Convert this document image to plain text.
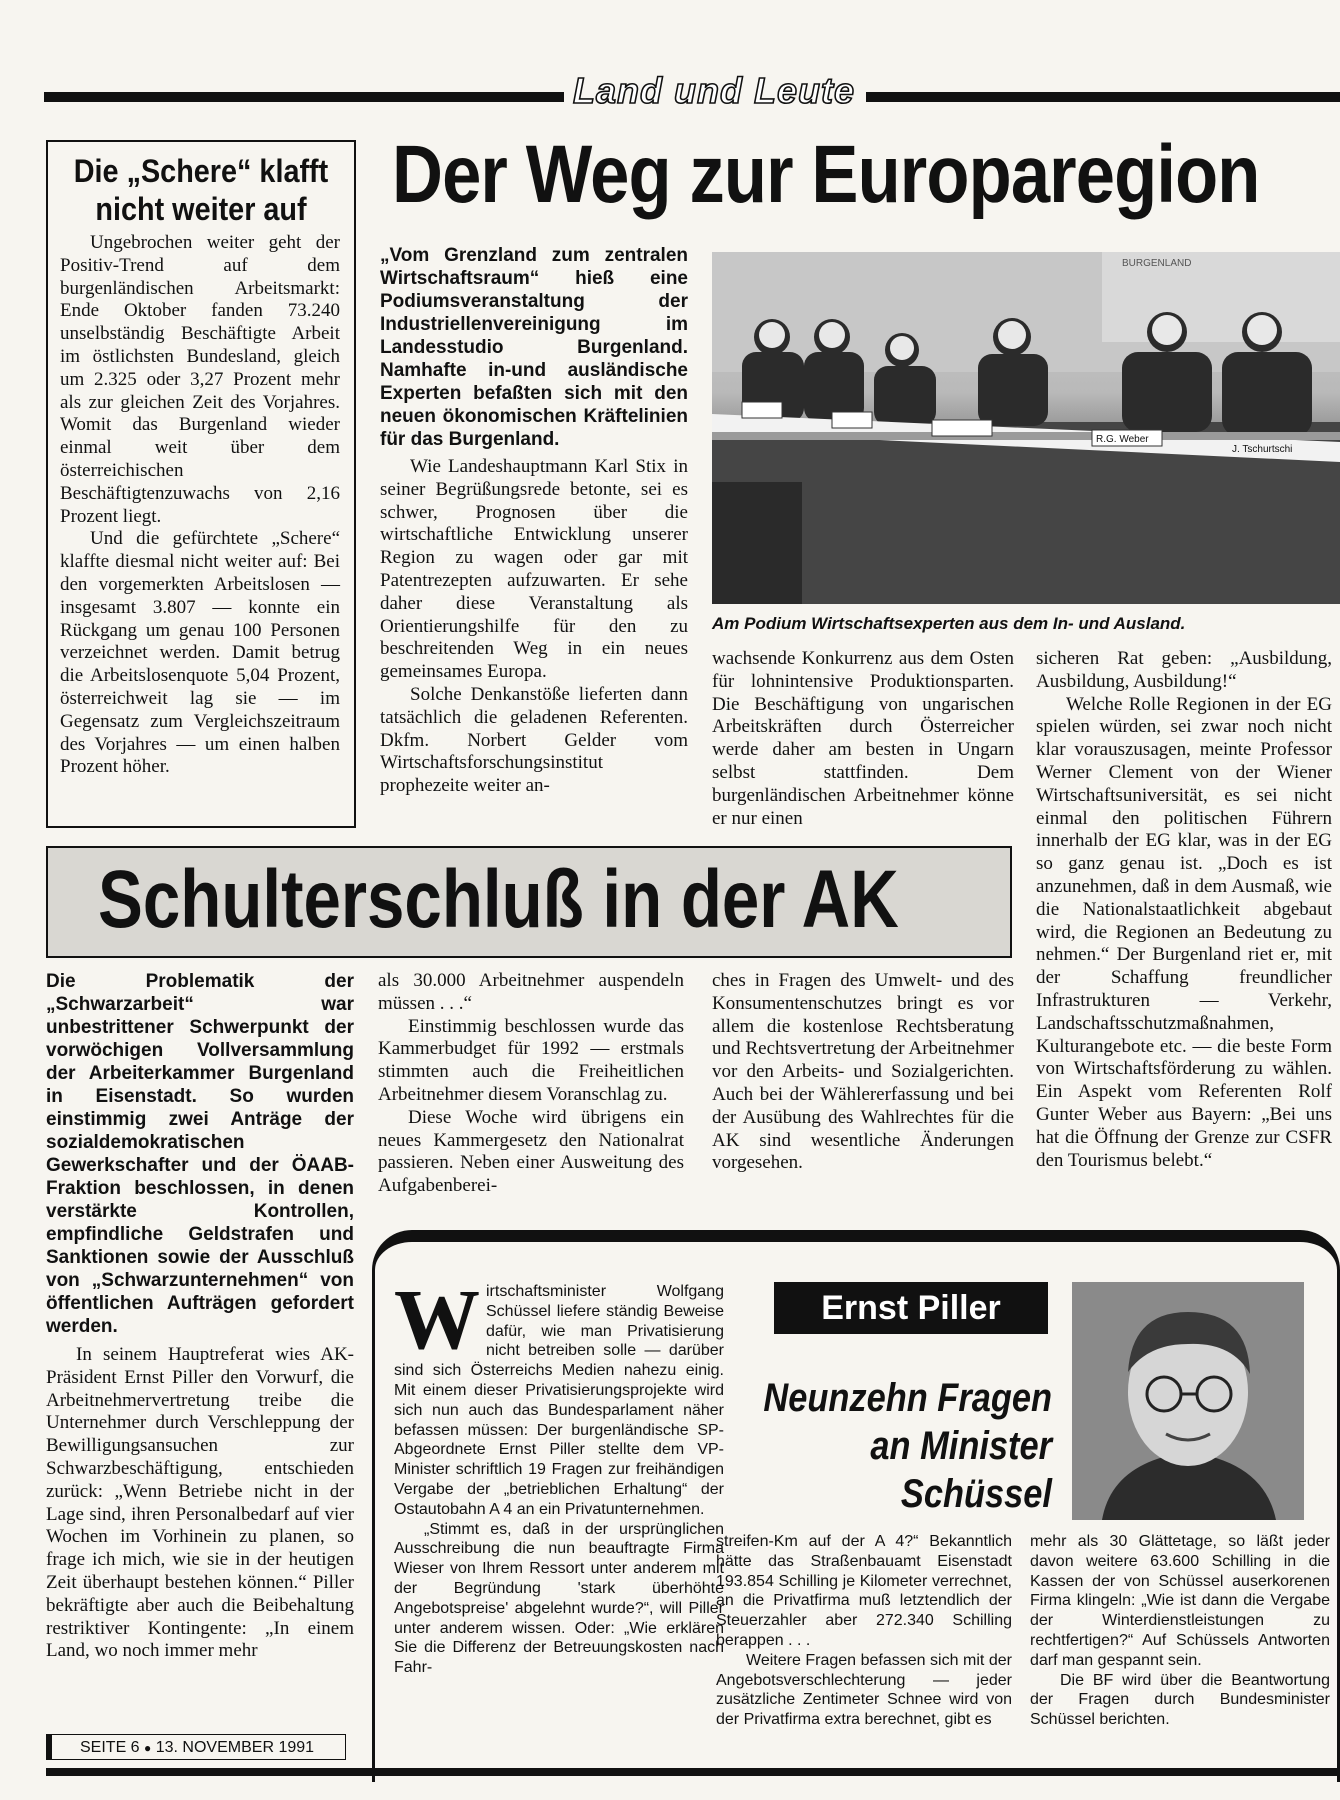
Land und Leute
Die „Schere“ klafft
nicht weiter auf

Ungebrochen weiter geht der Positiv-Trend auf dem burgenländischen Arbeitsmarkt: Ende Oktober fanden 73.240 unselbständig Beschäftigte Arbeit im östlichsten Bundesland, gleich um 2.325 oder 3,27 Prozent mehr als zur gleichen Zeit des Vorjahres. Womit das Burgenland wieder einmal weit über dem österreichischen Beschäftigtenzuwachs von 2,16 Prozent liegt.

Und die gefürchtete „Schere“ klaffte diesmal nicht weiter auf: Bei den vorgemerkten Arbeitslosen — insgesamt 3.807 — konnte ein Rückgang um genau 100 Personen verzeichnet werden. Damit betrug die Arbeitslosenquote 5,04 Prozent, österreichweit lag sie — im Gegensatz zum Vergleichszeitraum des Vorjahres — um einen halben Prozent höher.

Der Weg zur Europaregion
„Vom Grenzland zum zentralen Wirtschaftsraum“ hieß eine Podiumsveranstaltung der Industriellenvereinigung im Landesstudio Burgenland. Namhafte in-und ausländische Experten befaßten sich mit den neuen ökonomischen Kräftelinien für das Burgenland.
BURGENLAND
R.G. Weber
J. Tschurtschi
Am Podium Wirtschaftsexperten aus dem In- und Ausland.

Wie Landeshauptmann Karl Stix in seiner Begrüßungsrede betonte, sei es schwer, Prognosen über die wirtschaftliche Entwicklung unserer Region zu wagen oder gar mit Patentrezepten aufzuwarten. Er sehe daher diese Veranstaltung als Orientierungshilfe für den zu beschreitenden Weg in ein neues gemeinsames Europa.

Solche Denkanstöße lieferten dann tatsächlich die geladenen Referenten. Dkfm. Norbert Gelder vom Wirtschaftsforschungsinstitut prophezeite weiter an-

wachsende Konkurrenz aus dem Osten für lohnintensive Produktionsparten. Die Beschäftigung von ungarischen Arbeitskräften durch Österreicher werde daher am besten in Ungarn selbst stattfinden. Dem burgenländischen Arbeitnehmer könne er nur einen

sicheren Rat geben: „Ausbildung, Ausbildung, Ausbildung!“

Welche Rolle Regionen in der EG spielen würden, sei zwar noch nicht klar vorauszusagen, meinte Professor Werner Clement von der Wiener Wirtschaftsuniversität, es sei nicht einmal den politischen Führern innerhalb der EG klar, was in der EG so ganz genau ist. „Doch es ist anzunehmen, daß in dem Ausmaß, wie die Nationalstaatlichkeit abgebaut wird, die Regionen an Bedeutung zu nehmen.“ Der Burgenland riet er, mit der Schaffung freundlicher Infrastrukturen — Verkehr, Landschaftsschutzmaßnahmen, Kulturangebote etc. — die beste Form von Wirtschaftsförderung zu wählen. Ein Aspekt vom Referenten Rolf Gunter Weber aus Bayern: „Bei uns hat die Öffnung der Grenze zur CSFR den Tourismus belebt.“

Schulterschluß in der AK
Die Problematik der „Schwarzarbeit“ war unbestrittener Schwerpunkt der vorwöchigen Vollversammlung der Arbeiterkammer Burgenland in Eisenstadt. So wurden einstimmig zwei Anträge der sozialdemokratischen Gewerkschafter und der ÖAAB-Fraktion beschlossen, in denen verstärkte Kontrollen, empfindliche Geldstrafen und Sanktionen sowie der Ausschluß von „Schwarzunternehmen“ von öffentlichen Aufträgen gefordert werden.

In seinem Hauptreferat wies AK-Präsident Ernst Piller den Vorwurf, die Arbeitnehmervertretung treibe die Unternehmer durch Verschleppung der Bewilligungsansuchen zur Schwarzbeschäftigung, entschieden zurück: „Wenn Betriebe nicht in der Lage sind, ihren Personalbedarf auf vier Wochen im Vorhinein zu planen, so frage ich mich, wie sie in der heutigen Zeit überhaupt bestehen können.“ Piller bekräftigte aber auch die Beibehaltung restriktiver Kontingente: „In einem Land, wo noch immer mehr

als 30.000 Arbeitnehmer auspendeln müssen . . .“

Einstimmig beschlossen wurde das Kammerbudget für 1992 — erstmals stimmten auch die Freiheitlichen Arbeitnehmer diesem Voranschlag zu.

Diese Woche wird übrigens ein neues Kammergesetz den Nationalrat passieren. Neben einer Ausweitung des Aufgabenberei-

ches in Fragen des Umwelt- und des Konsumentenschutzes bringt es vor allem die kostenlose Rechtsberatung und Rechtsvertretung der Arbeitnehmer vor den Arbeits- und Sozialgerichten. Auch bei der Wählererfassung und bei der Ausübung des Wahlrechtes für die AK sind wesentliche Änderungen vorgesehen.

Ernst Piller
Neunzehn Fragen
an Minister
Schüssel
W irtschaftsminister Wolfgang Schüssel liefere ständig Beweise dafür, wie man Privatisierung nicht betreiben solle — darüber sind sich Österreichs Medien nahezu einig. Mit einem dieser Privatisierungsprojekte wird sich nun auch das Bundesparlament näher befassen müssen: Der burgenländische SP-Abgeordnete Ernst Piller stellte dem VP-Minister schriftlich 19 Fragen zur freihändigen Vergabe der „betrieblichen Erhaltung“ der Ostautobahn A 4 an ein Privatunternehmen.

„Stimmt es, daß in der ursprünglichen Ausschreibung die nun beauftragte Firma Wieser von Ihrem Ressort unter anderem mit der Begründung 'stark überhöhte Angebotspreise' abgelehnt wurde?“, will Piller unter anderem wissen. Oder: „Wie erklären Sie die Differenz der Betreuungskosten nach Fahr-

streifen-Km auf der A 4?“ Bekanntlich hätte das Straßenbauamt Eisenstadt 193.854 Schilling je Kilometer verrechnet, an die Privatfirma muß letztendlich der Steuerzahler aber 272.340 Schilling berappen . . .

Weitere Fragen befassen sich mit der Angebotsverschlechterung — jeder zusätzliche Zentimeter Schnee wird von der Privatfirma extra berechnet, gibt es

mehr als 30 Glättetage, so läßt jeder davon weitere 63.600 Schilling in die Kassen der von Schüssel auserkorenen Firma klingeln: „Wie ist dann die Vergabe der Winterdienstleistungen zu rechtfertigen?“ Auf Schüssels Antworten darf man gespannt sein.

Die BF wird über die Beantwortung der Fragen durch Bundesminister Schüssel berichten.

SEITE 6 ● 13. NOVEMBER 1991
